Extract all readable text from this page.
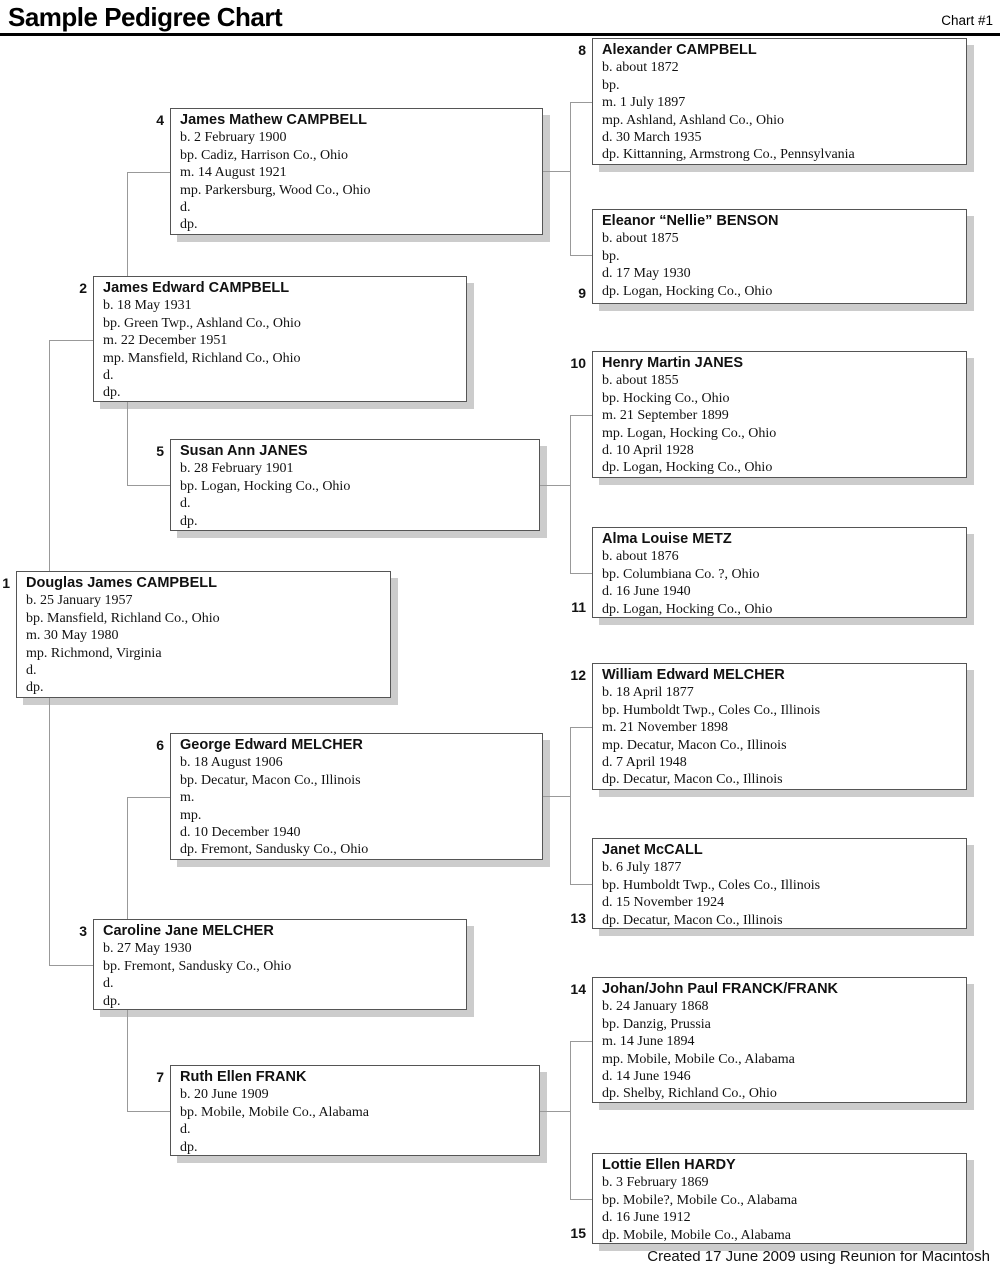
Sample Pedigree Chart	Chart #1
1 Douglas James CAMPBELL
b. 25 January 1957
bp. Mansfield, Richland Co., Ohio
m. 30 May 1980
mp. Richmond, Virginia
d.
dp.
2 James Edward CAMPBELL
b. 18 May 1931
bp. Green Twp., Ashland Co., Ohio
m. 22 December 1951
mp. Mansfield, Richland Co., Ohio
d.
dp.
3 Caroline Jane MELCHER
b. 27 May 1930
bp. Fremont, Sandusky Co., Ohio
d.
dp.
4 James Mathew CAMPBELL
b. 2 February 1900
bp. Cadiz, Harrison Co., Ohio
m. 14 August 1921
mp. Parkersburg, Wood Co., Ohio
d.
dp.
5 Susan Ann JANES
b. 28 February 1901
bp. Logan, Hocking Co., Ohio
d.
dp.
6 George Edward MELCHER
b. 18 August 1906
bp. Decatur, Macon Co., Illinois
m.
mp.
d. 10 December 1940
dp. Fremont, Sandusky Co., Ohio
7 Ruth Ellen FRANK
b. 20 June 1909
bp. Mobile, Mobile Co., Alabama
d.
dp.
8 Alexander CAMPBELL
b. about 1872
bp.
m. 1 July 1897
mp. Ashland, Ashland Co., Ohio
d. 30 March 1935
dp. Kittanning, Armstrong Co., Pennsylvania
9
Eleanor “Nellie” BENSON
b. about 1875
bp.
d. 17 May 1930
dp. Logan, Hocking Co., Ohio
10 Henry Martin JANES
b. about 1855
bp. Hocking Co., Ohio
m. 21 September 1899
mp. Logan, Hocking Co., Ohio
d. 10 April 1928
dp. Logan, Hocking Co., Ohio
11
Alma Louise METZ
b. about 1876
bp. Columbiana Co. ?, Ohio
d. 16 June 1940
dp. Logan, Hocking Co., Ohio
12 William Edward MELCHER
b. 18 April 1877
bp. Humboldt Twp., Coles Co., Illinois
m. 21 November 1898
mp. Decatur, Macon Co., Illinois
d. 7 April 1948
dp. Decatur, Macon Co., Illinois
13
Janet McCALL
b. 6 July 1877
bp. Humboldt Twp., Coles Co., Illinois
d. 15 November 1924
dp. Decatur, Macon Co., Illinois
14 Johan/John Paul FRANCK/FRANK
b. 24 January 1868
bp. Danzig, Prussia
m. 14 June 1894
mp. Mobile, Mobile Co., Alabama
d. 14 June 1946
dp. Shelby, Richland Co., Ohio
15
Lottie Ellen HARDY
b. 3 February 1869
bp. Mobile?, Mobile Co., Alabama
d. 16 June 1912
dp. Mobile, Mobile Co., Alabama
Created 17 June 2009 using Reunion for Macintosh
